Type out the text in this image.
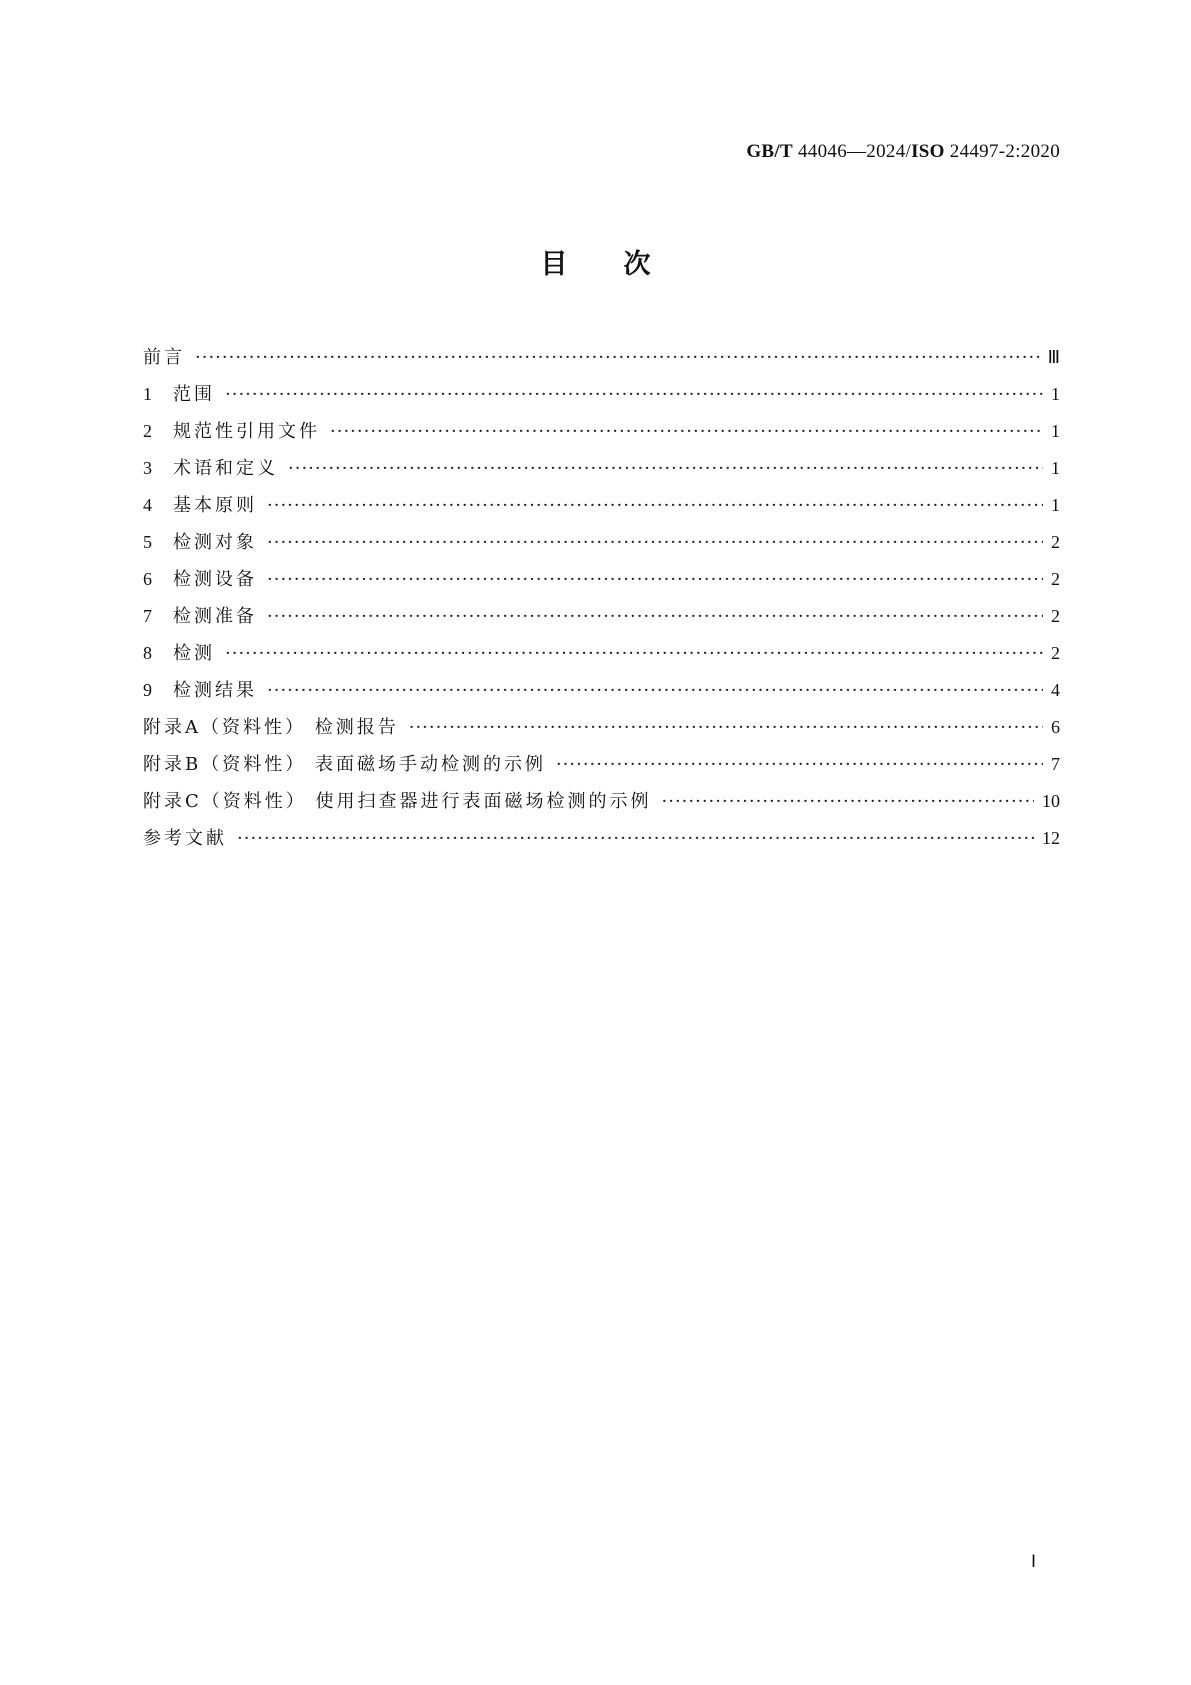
GB/T 44046—2024/ISO 24497-2:2020
目次
前言 ·····	Ⅲ
1	范围 ·····	1
2	规范性引用文件 ·····	1
3	术语和定义 ·····	1
4	基本原则 ·····	1
5	检测对象 ·····	2
6	检测设备 ·····	2
7	检测准备 ·····	2
8	检测 ·····	2
9	检测结果 ·····	4
附录A（资料性） 检测报告 ·····	6
附录B（资料性） 表面磁场手动检测的示例 ·····	7
附录C（资料性） 使用扫查器进行表面磁场检测的示例 ·····	10
参考文献 ·····	12
Ⅰ
